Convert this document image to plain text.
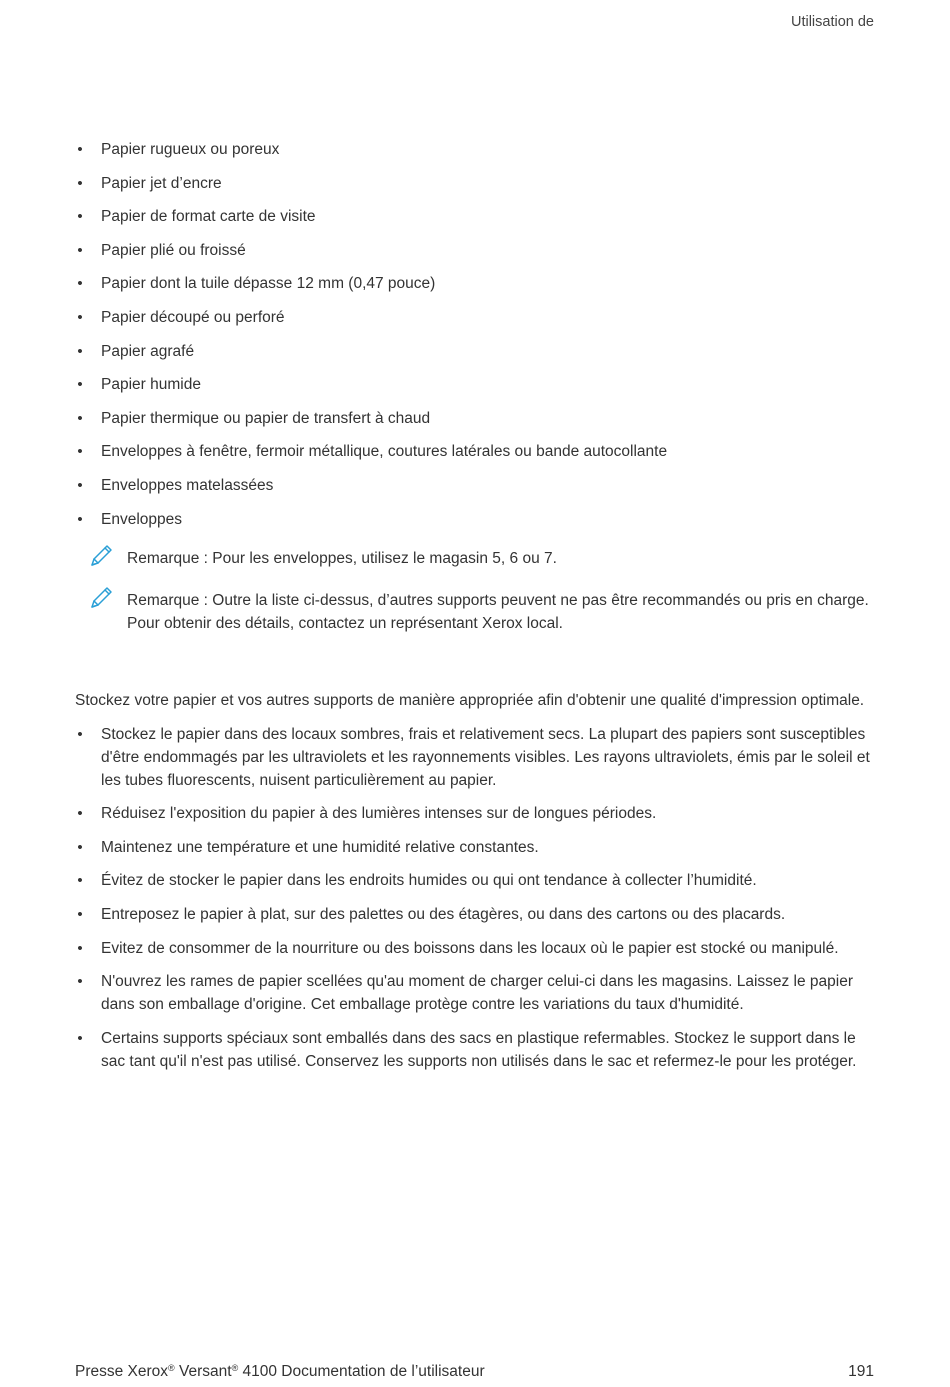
Utilisation de
• Papier rugueux ou poreux
• Papier jet d’encre
• Papier de format carte de visite
• Papier plié ou froissé
• Papier dont la tuile dépasse 12 mm (0,47 pouce)
• Papier découpé ou perforé
• Papier agrafé
• Papier humide
• Papier thermique ou papier de transfert à chaud
• Enveloppes à fenêtre, fermoir métallique, coutures latérales ou bande autocollante
• Enveloppes matelassées
• Enveloppes
Remarque : Pour les enveloppes, utilisez le magasin 5, 6 ou 7.
Remarque : Outre la liste ci-dessus, d’autres supports peuvent ne pas être recommandés ou pris en charge. Pour obtenir des détails, contactez un représentant Xerox local.

Stockez votre papier et vos autres supports de manière appropriée afin d'obtenir une qualité d'impression optimale.

• Stockez le papier dans des locaux sombres, frais et relativement secs. La plupart des papiers sont susceptibles d'être endommagés par les ultraviolets et les rayonnements visibles. Les rayons ultraviolets, émis par le soleil et les tubes fluorescents, nuisent particulièrement au papier.
• Réduisez l'exposition du papier à des lumières intenses sur de longues périodes.
• Maintenez une température et une humidité relative constantes.
• Évitez de stocker le papier dans les endroits humides ou qui ont tendance à collecter l’humidité.
• Entreposez le papier à plat, sur des palettes ou des étagères, ou dans des cartons ou des placards.
• Evitez de consommer de la nourriture ou des boissons dans les locaux où le papier est stocké ou manipulé.
• N'ouvrez les rames de papier scellées qu'au moment de charger celui-ci dans les magasins. Laissez le papier dans son emballage d'origine. Cet emballage protège contre les variations du taux d'humidité.
• Certains supports spéciaux sont emballés dans des sacs en plastique refermables. Stockez le support dans le sac tant qu'il n'est pas utilisé. Conservez les supports non utilisés dans le sac et refermez-le pour les protéger.
Presse Xerox® Versant® 4100 Documentation de l’utilisateur	191
